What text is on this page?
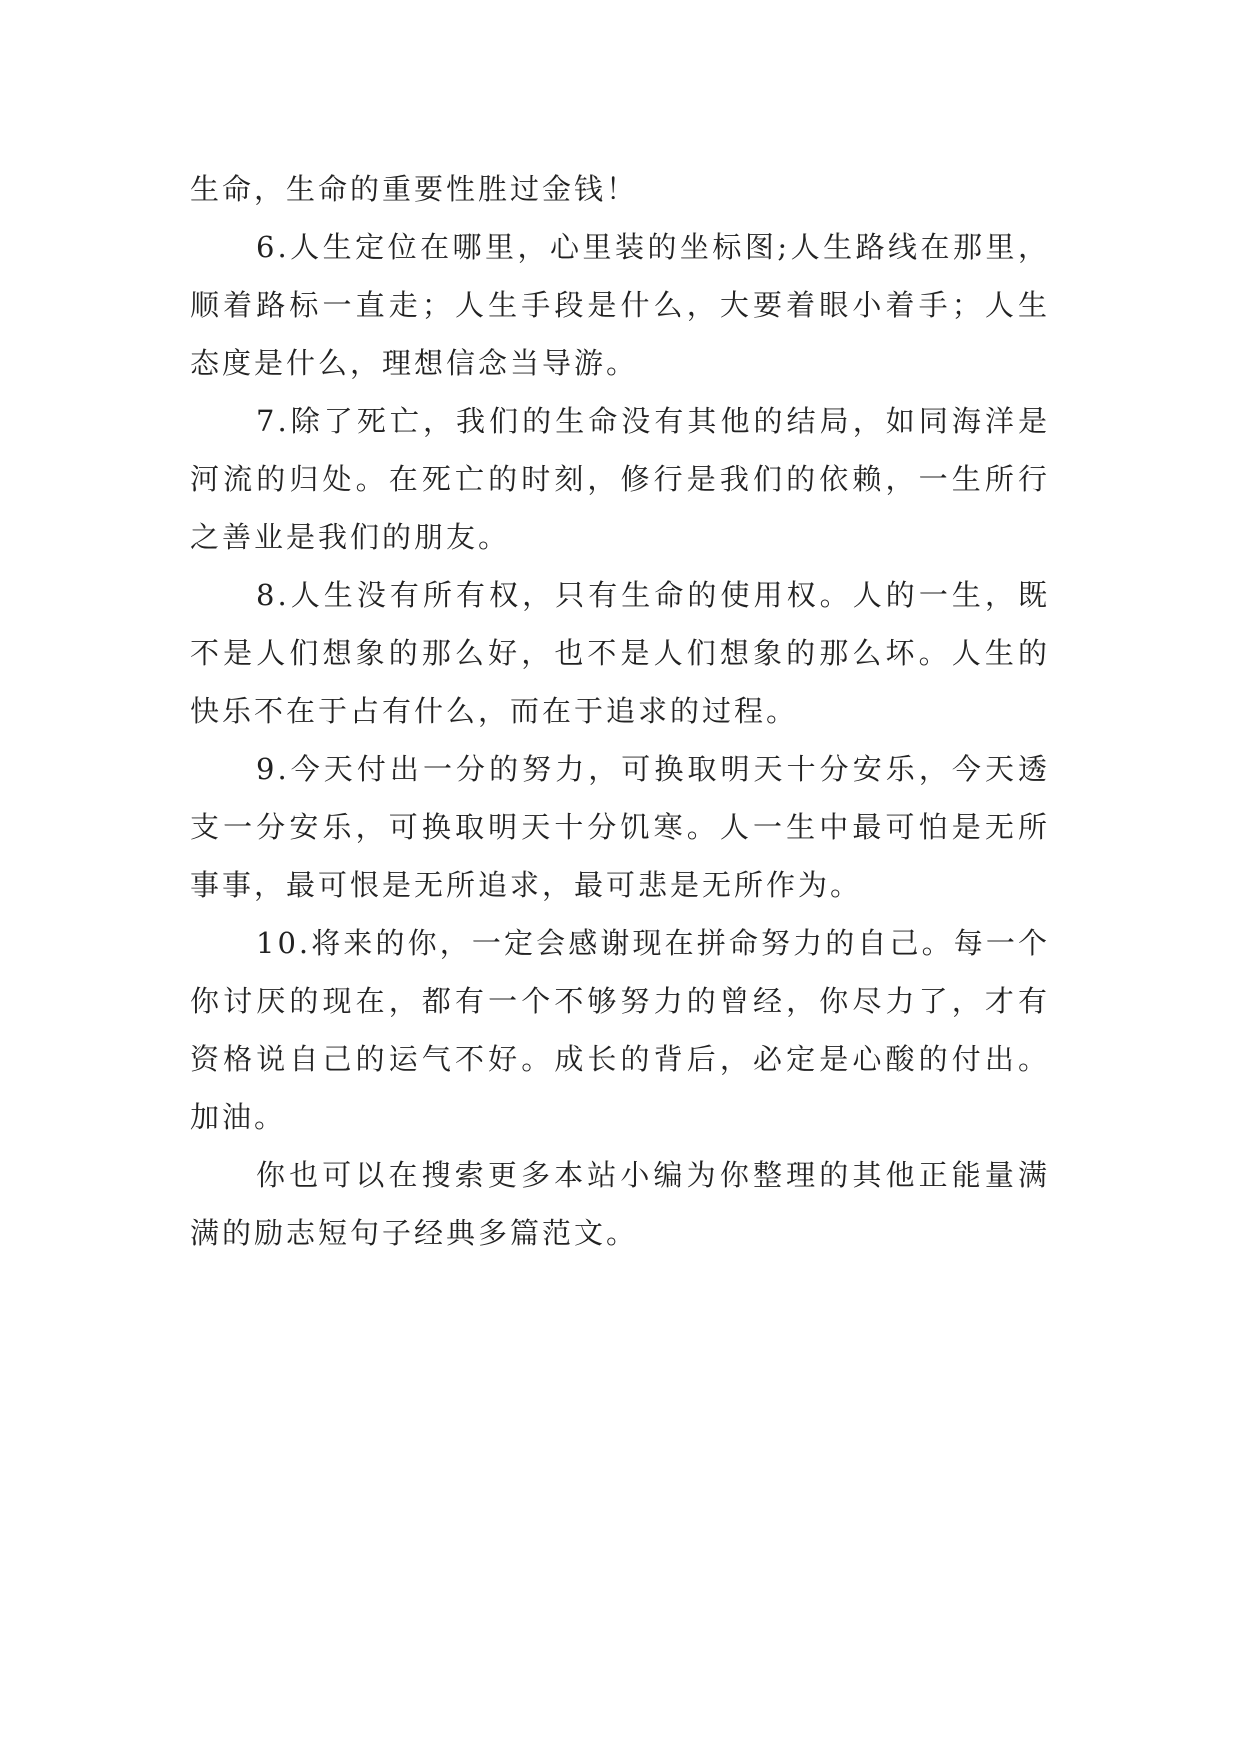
生命，生命的重要性胜过金钱！

6.人生定位在哪里，心里装的坐标图;人生路线在那里，顺着路标一直走；人生手段是什么，大要着眼小着手；人生态度是什么，理想信念当导游。

7.除了死亡，我们的生命没有其他的结局，如同海洋是河流的归处。在死亡的时刻，修行是我们的依赖，一生所行之善业是我们的朋友。

8.人生没有所有权，只有生命的使用权。人的一生，既不是人们想象的那么好，也不是人们想象的那么坏。人生的快乐不在于占有什么，而在于追求的过程。

9.今天付出一分的努力，可换取明天十分安乐，今天透支一分安乐，可换取明天十分饥寒。人一生中最可怕是无所事事，最可恨是无所追求，最可悲是无所作为。

10.将来的你，一定会感谢现在拼命努力的自己。每一个你讨厌的现在，都有一个不够努力的曾经，你尽力了，才有资格说自己的运气不好。成长的背后，必定是心酸的付出。加油。

你也可以在搜索更多本站小编为你整理的其他正能量满满的励志短句子经典多篇范文。
